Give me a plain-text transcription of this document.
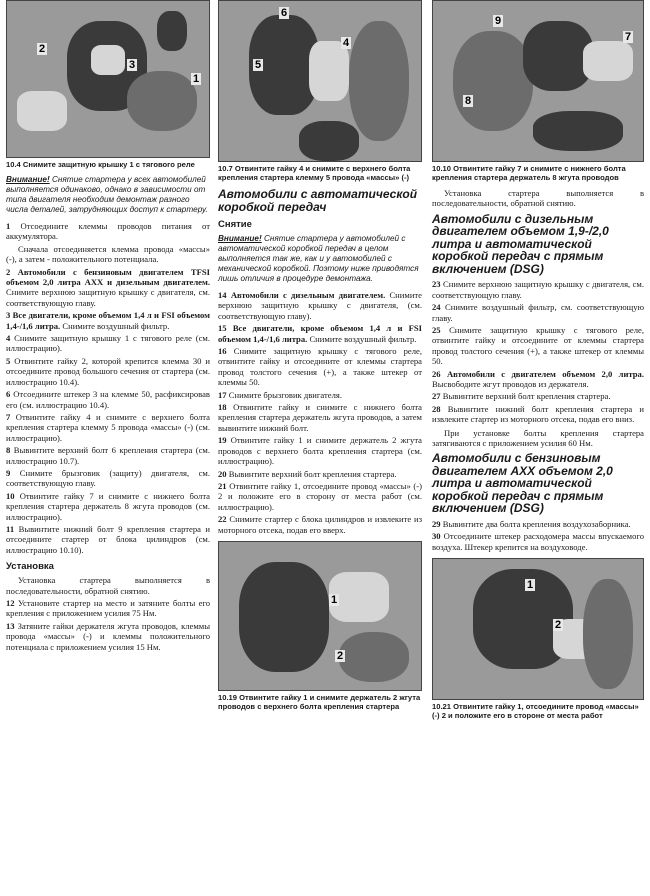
2
3
1
10.4 Снимите защитную крышку 1 с тягового реле
Внимание! Снятие стартера у всех автомобилей выполняется одинаково, однако в зависимости от типа двигателя необходим демонтаж разного числа деталей, затрудняющих доступ к стартеру.

1 Отсоедините клеммы проводов питания от аккумулятора.

Сначала отсоединяется клемма провода «массы» (-), а затем - положительного потенциала.

2 Автомобили с бензиновым двигателем TFSI объемом 2,0 литра AXX и дизельным двигателем. Снимите верхнюю защитную крышку с двигателя, см. соответствующую главу.

3 Все двигатели, кроме объемом 1,4 л и FSI объемом 1,4-/1,6 литра. Снимите воздушный фильтр.

4 Снимите защитную крышку 1 с тягового реле (см. иллюстрацию).

5 Отвинтите гайку 2, которой крепится клемма 30 и отсоедините провод большого сечения от стартера (см. иллюстрацию 10.4).

6 Отсоедините штекер 3 на клемме 50, расфиксировав его (см. иллюстрацию 10.4).

7 Отвинтите гайку 4 и снимите с верхнего болта крепления стартера клемму 5 провода «массы» (-) (см. иллюстрацию).

8 Вывинтите верхний болт 6 крепления стартера (см. иллюстрацию 10.7).

9 Снимите брызговик (защиту) двигателя, см. соответствующую главу.

10 Отвинтите гайку 7 и снимите с нижнего болта крепления стартера держатель 8 жгута проводов (см. иллюстрацию).

11 Вывинтите нижний болт 9 крепления стартера и отсоедините стартер от блока цилиндров (см. иллюстрацию 10.10).

Установка

Установка стартера выполняется в последовательности, обратной снятию.

12 Установите стартер на место и затяните болты его крепления с приложением усилия 75 Нм.

13 Затяните гайки держателя жгута проводов, клеммы провода «массы» (-) и клеммы положительного потенциала с приложением усилия 15 Нм.

6
4
5
10.7 Отвинтите гайку 4 и снимите с верхнего болта крепления стартера клемму 5 провода «массы» (-)
Автомобили с автоматической коробкой передач
Снятие
Внимание! Снятие стартера у автомобилей с автоматической коробкой передач в целом выполняется так же, как и у автомобилей с механической коробкой. Поэтому ниже приводятся лишь отличия в процедуре демонтажа.

14 Автомобили с дизельным двигателем. Снимите верхнюю защитную крышку с двигателя, (см. соответствующую главу).

15 Все двигатели, кроме объемом 1,4 л и FSI объемом 1,4-/1,6 литра. Снимите воздушный фильтр.

16 Снимите защитную крышку с тягового реле, отвинтите гайку и отсоедините от клеммы стартера провод толстого сечения (+), а также штекер от клеммы 50.

17 Снимите брызговик двигателя.

18 Отвинтите гайку и снимите с нижнего болта крепления стартера держатель жгута проводов, а затем вывинтите нижний болт.

19 Отвинтите гайку 1 и снимите держатель 2 жгута проводов с верхнего болта крепления стартера (см. иллюстрацию).

20 Вывинтите верхний болт крепления стартера.

21 Отвинтите гайку 1, отсоедините провод «массы» (-) 2 и положите его в сторону от места работ (см. иллюстрацию).

22 Снимите стартер с блока цилиндров и извлеките из моторного отсека, подав его вверх.

1
2
10.19 Отвинтите гайку 1 и снимите держатель 2 жгута проводов с верхнего болта крепления стартера
9
7
8
10.10 Отвинтите гайку 7 и снимите с нижнего болта крепления стартера держатель 8 жгута проводов

Установка стартера выполняется в последовательности, обратной снятию.

Автомобили с дизельным двигателем объемом 1,9-/2,0 литра и автоматической коробкой передач с прямым включением (DSG)

23 Снимите верхнюю защитную крышку с двигателя, см. соответствующую главу.

24 Снимите воздушный фильтр, см. соответствующую главу.

25 Снимите защитную крышку с тягового реле, отвинтите гайку и отсоедините от клеммы стартера провод толстого сечения (+), а также штекер от клеммы 50.

26 Автомобили с двигателем объемом 2,0 литра. Высвободите жгут проводов из держателя.

27 Вывинтите верхний болт крепления стартера.

28 Вывинтите нижний болт крепления стартера и извлеките стартер из моторного отсека, подав его вниз.

При установке болты крепления стартера затягиваются с приложением усилия 60 Нм.

Автомобили с бензиновым двигателем AXX объемом 2,0 литра и автоматической коробкой передач с прямым включением (DSG)

29 Вывинтите два болта крепления воздухозаборника.

30 Отсоедините штекер расходомера массы впускаемого воздуха. Штекер крепится на воздуховоде.

1
2
10.21 Отвинтите гайку 1, отсоедините провод «массы» (-) 2 и положите его в стороне от места работ
